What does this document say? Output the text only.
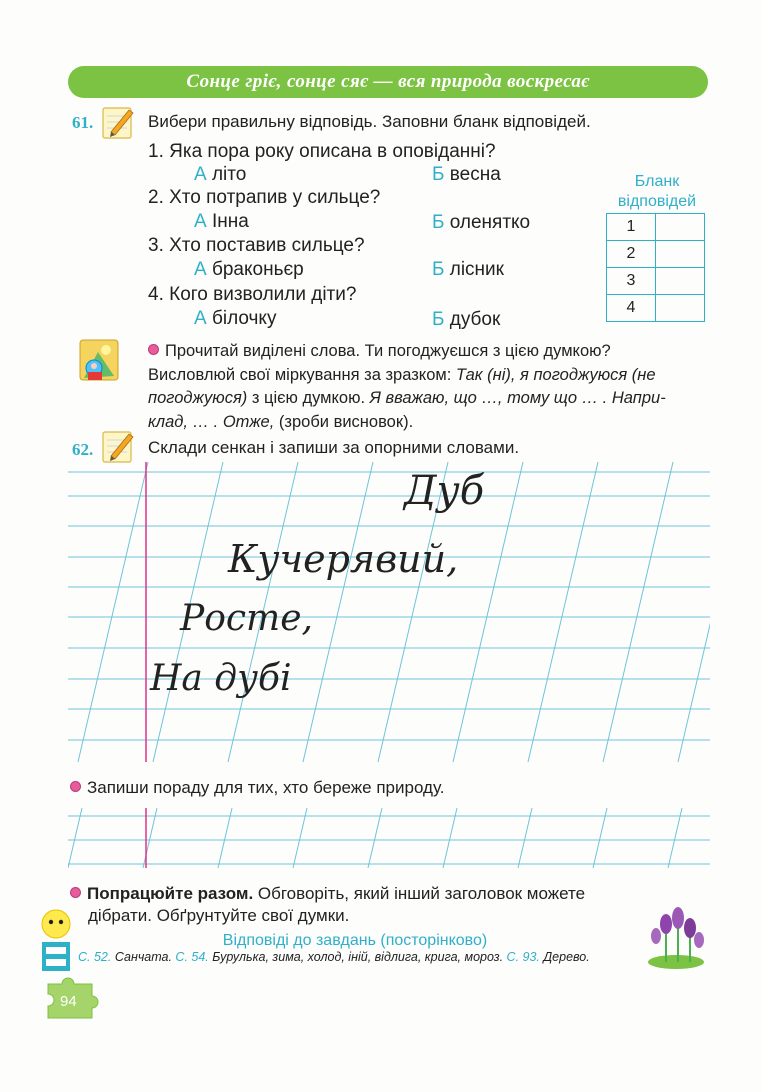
Сонце гріє, сонце сяє — вся природа воскресає
61.	Вибери правильну відповідь. Заповни бланк відповідей.
1. Яка пора року описана в оповіданні?
А літо	Б весна
2. Хто потрапив у сильце?
А Інна	Б оленятко
3. Хто поставив сильце?
А браконьєр	Б лісник
4. Кого визволили діти?
А білочку	Б дубок
Бланк
відповідей
1	
2	
3	
4	
Прочитай виділені слова. Ти погоджуєшся з цією думкою?
Висловлюй свої міркування за зразком: Так (ні), я погоджуюся (не
погоджуюся) з цією думкою. Я вважаю, що …, тому що … . Напри-
клад, … . Отже, (зроби висновок).
62.	Склади сенкан і запиши за опорними словами.
Дуб
Кучерявий,
Росте,
На дубі
Запиши пораду для тих, хто береже природу.
Попрацюйте разом. Обговоріть, який інший заголовок можете
дібрати. Обґрунтуйте свої думки.
Відповіді до завдань (посторінково)
С. 52. Санчата. С. 54. Бурулька, зима, холод, іній, відлига, крига, мороз. С. 93. Дерево.
94
